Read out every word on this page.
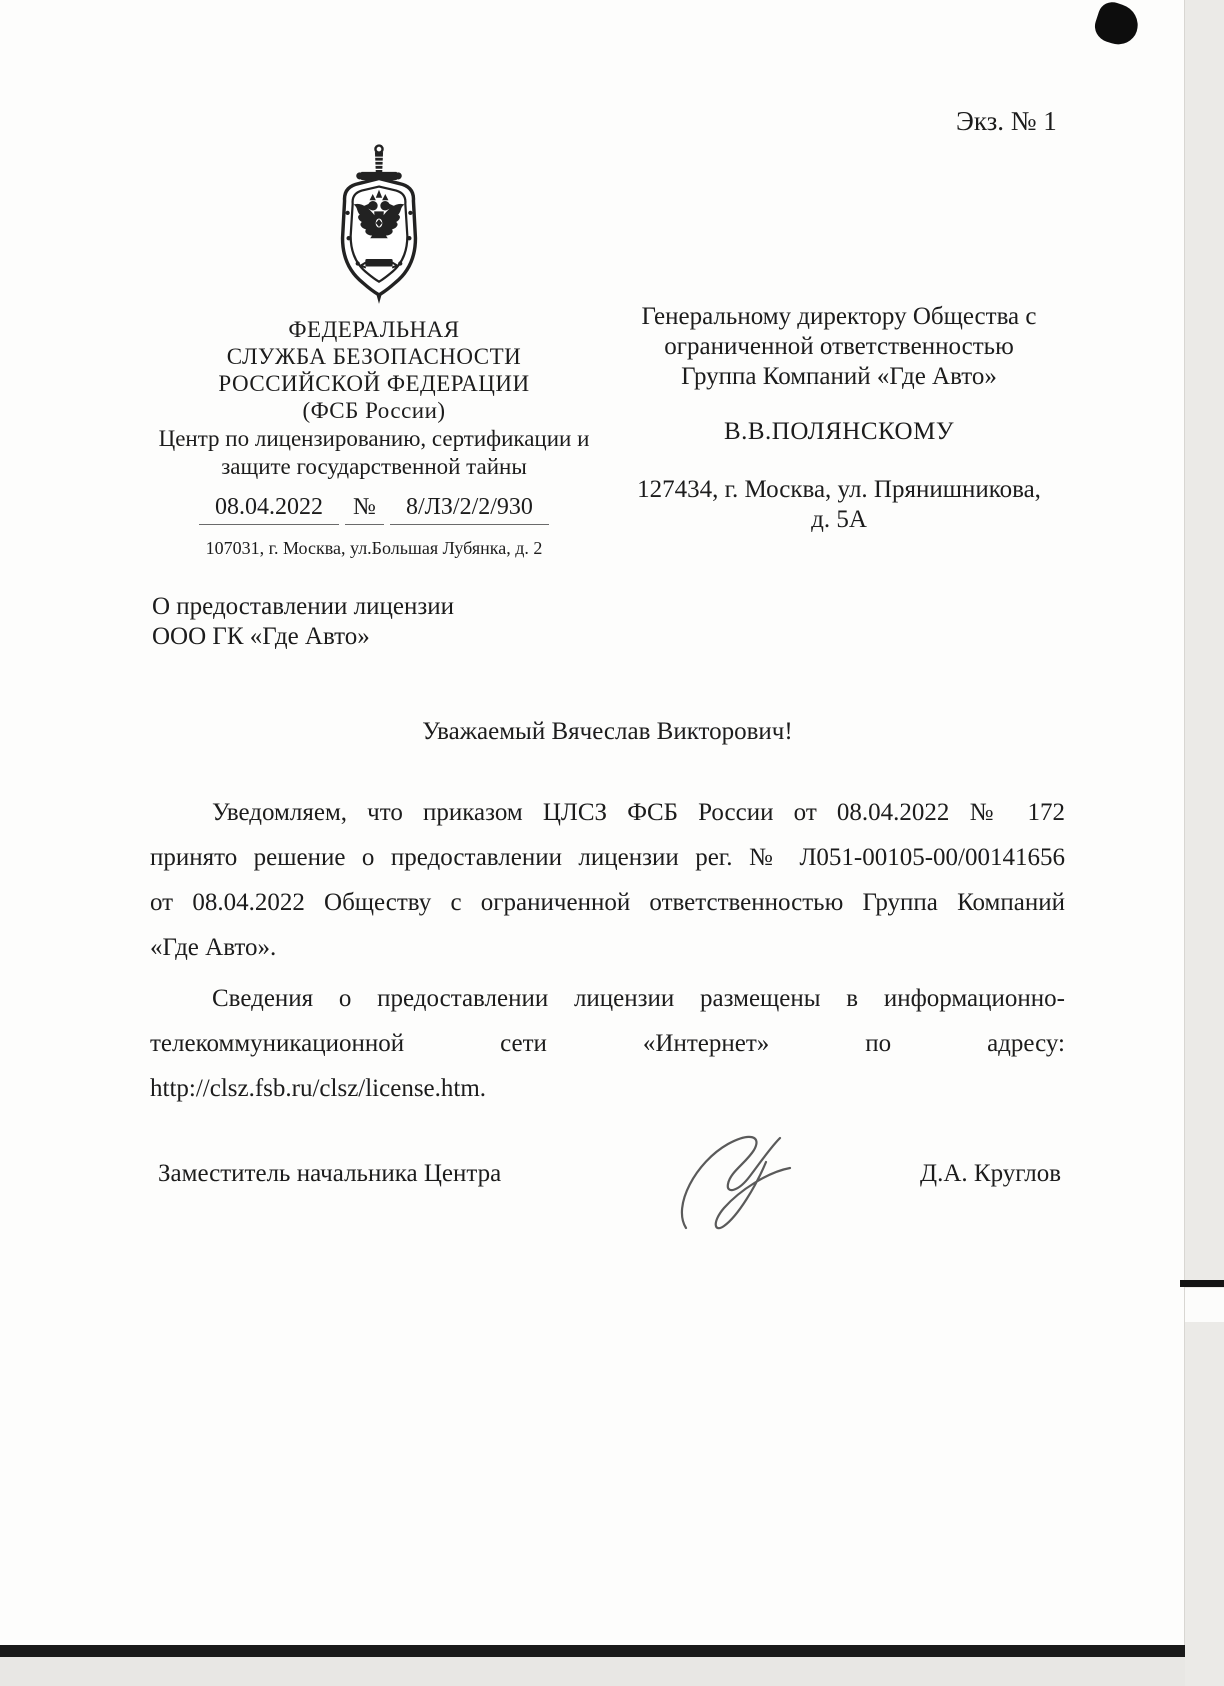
Экз. № 1
ФЕДЕРАЛЬНАЯ
СЛУЖБА БЕЗОПАСНОСТИ
РОССИЙСКОЙ ФЕДЕРАЦИИ
(ФСБ России)
Центр по лицензированию, сертификации и
защите государственной тайны
08.04.2022 № 8/ЛЗ/2/2/930
107031, г. Москва, ул.Большая Лубянка, д. 2
Генеральному директору Общества с
ограниченной ответственностью
Группа Компаний «Где Авто»
В.В.ПОЛЯНСКОМУ
127434, г. Москва, ул. Прянишникова,
д. 5А
О предоставлении лицензии
ООО ГК «Где Авто»
Уважаемый Вячеслав Викторович!
Уведомляем, что приказом ЦЛСЗ ФСБ России от 08.04.2022 № 172
принято решение о предоставлении лицензии рег. № Л051-00105-00/00141656
от 08.04.2022 Обществу с ограниченной ответственностью Группа Компаний
«Где Авто».
Сведения о предоставлении лицензии размещены в информационно-
телекоммуникационной сети «Интернет» по адресу:
http://clsz.fsb.ru/clsz/license.htm.
Заместитель начальника Центра	Д.А. Круглов
